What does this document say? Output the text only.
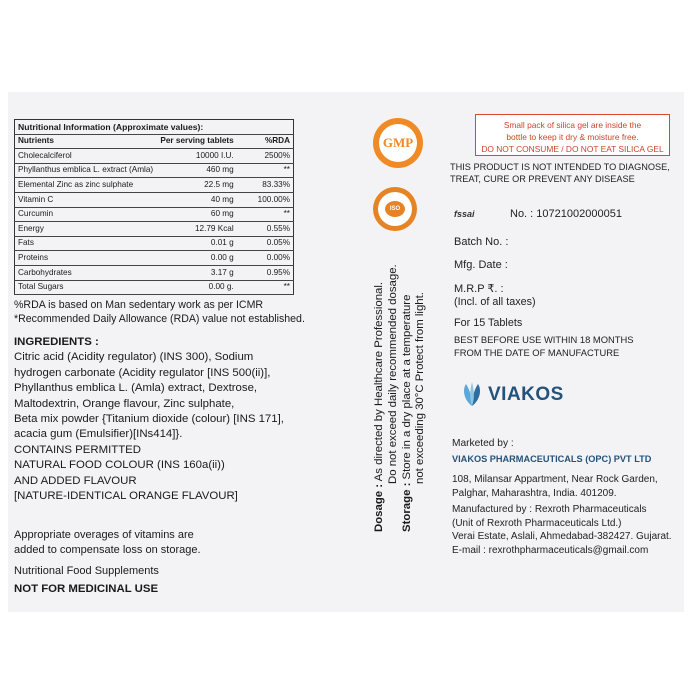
Nutritional Information (Approximate values):		
Nutrients	Per serving tablets	%RDA
Cholecalciferol	10000 I.U.	2500%
Phyllanthus emblica L. extract (Amla)	460 mg	**
Elemental Zinc as zinc sulphate	22.5 mg	83.33%
Vitamin C	40 mg	100.00%
Curcumin	60 mg	**
Energy	12.79 Kcal	0.55%
Fats	0.01 g	0.05%
Proteins	0.00 g	0.00%
Carbohydrates	3.17 g	0.95%
Total Sugars	0.00 g.	**
%RDA is based on Man sedentary work as per ICMR
*Recommended Daily Allowance (RDA) value not established.
INGREDIENTS :
Citric acid (Acidity regulator) (INS 300), Sodium
hydrogen carbonate (Acidity regulator [INS 500(ii)],
Phyllanthus emblica L. (Amla) extract, Dextrose,
Maltodextrin, Orange flavour, Zinc sulphate,
Beta mix powder {Titanium dioxide (colour) [INS 171],
acacia gum (Emulsifier)[INs414]}.
CONTAINS PERMITTED
NATURAL FOOD COLOUR (INS 160a(ii))
AND ADDED FLAVOUR
[NATURE-IDENTICAL ORANGE FLAVOUR]
Appropriate overages of vitamins are
added to compensate loss on storage.
Nutritional Food Supplements
NOT FOR MEDICINAL USE
GMP
ISO
Dosage : As directed by Healthcare Professional. Do not exceed daily recommended dosage.
Storage : Store in a dry place at a temperature not exceeding 30°C Protect from light.
Small pack of silica gel are inside the
bottle to keep it dry & moisture free.
DO NOT CONSUME / DO NOT EAT SILICA GEL
THIS PRODUCT IS NOT INTENDED TO DIAGNOSE,
TREAT, CURE OR PREVENT ANY DISEASE
fssai	No. : 10721002000051
Batch No. :
Mfg. Date :
M.R.P ₹. :
(Incl. of all taxes)
For 15 Tablets
BEST BEFORE USE WITHIN 18 MONTHS
FROM THE DATE OF MANUFACTURE
VIAKOS
Marketed by :
VIAKOS PHARMACEUTICALS (OPC) PVT LTD
108, Milansar Appartment, Near Rock Garden,
Palghar, Maharashtra, India. 401209.
Manufactured by : Rexroth Pharmaceuticals
(Unit of Rexroth Pharmaceuticals Ltd.)
Verai Estate, Aslali, Ahmedabad-382427. Gujarat.
E-mail : rexrothpharmaceuticals@gmail.com
